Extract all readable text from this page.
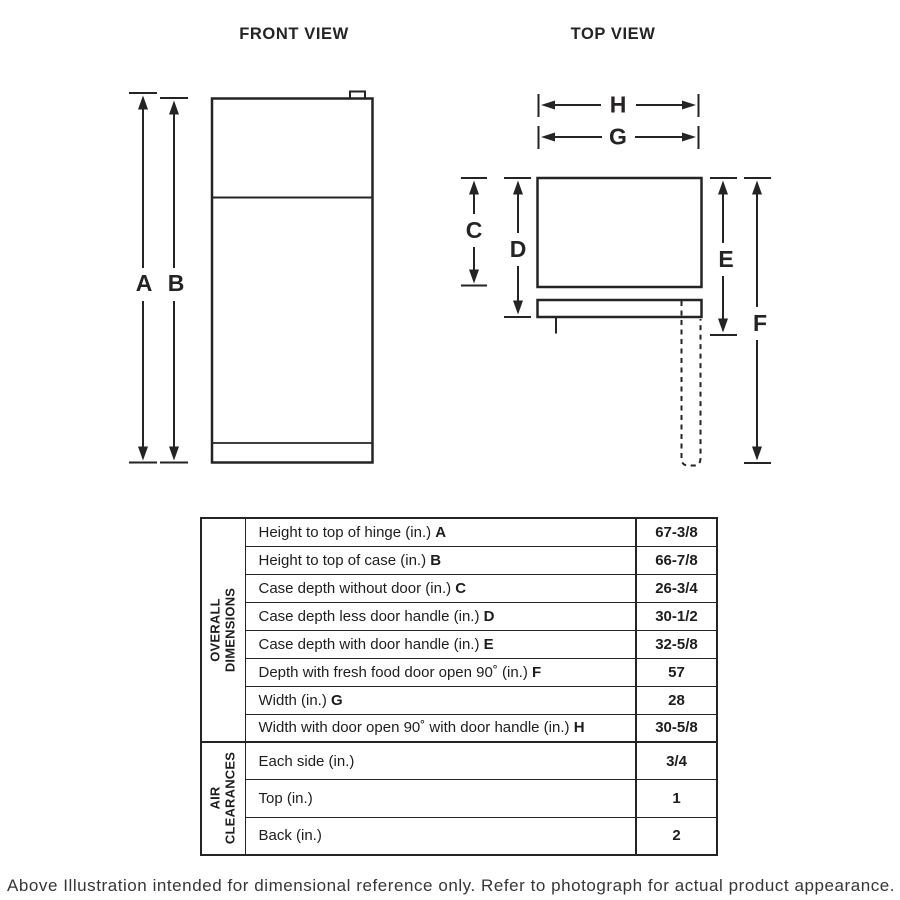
FRONT VIEW	TOP VIEW
A B
H
G
C
D	E
F
OVERALL DIMENSIONS	Height to top of hinge (in.) A	67-3/8
	Height to top of case (in.) B	66-7/8
	Case depth without door (in.) C	26-3/4
	Case depth less door handle (in.) D	30-1/2
	Case depth with door handle (in.) E	32-5/8
	Depth with fresh food door open 90˚ (in.) F	57
	Width (in.) G	28
	Width with door open 90˚ with door handle (in.) H	30-5/8

AIR CLEARANCES	Each side (in.)	3/4
	Top (in.)	1
	Back (in.)	2
Above Illustration intended for dimensional reference only. Refer to photograph for actual product appearance.
